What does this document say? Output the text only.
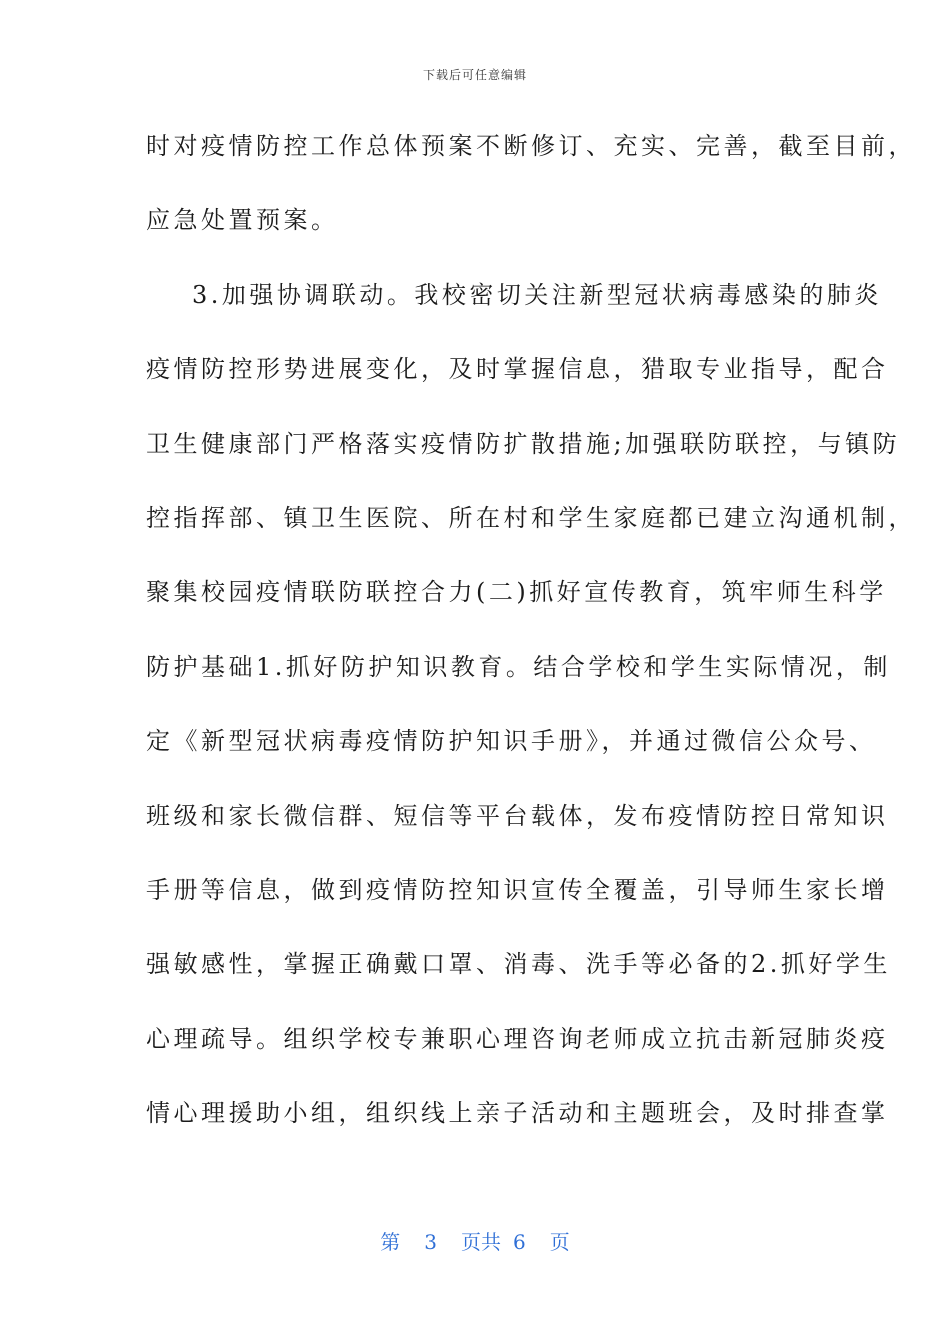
下载后可任意编辑
时对疫情防控工作总体预案不断修订、充实、完善，截至目前，
应急处置预案。
3.加强协调联动。我校密切关注新型冠状病毒感染的肺炎
疫情防控形势进展变化，及时掌握信息，猎取专业指导，配合
卫生健康部门严格落实疫情防扩散措施;加强联防联控，与镇防
控指挥部、镇卫生医院、所在村和学生家庭都已建立沟通机制，
聚集校园疫情联防联控合力(二)抓好宣传教育，筑牢师生科学
防护基础1.抓好防护知识教育。结合学校和学生实际情况，制
定《新型冠状病毒疫情防护知识手册》，并通过微信公众号、
班级和家长微信群、短信等平台载体，发布疫情防控日常知识
手册等信息，做到疫情防控知识宣传全覆盖，引导师生家长增
强敏感性，掌握正确戴口罩、消毒、洗手等必备的2.抓好学生
心理疏导。组织学校专兼职心理咨询老师成立抗击新冠肺炎疫
情心理援助小组，组织线上亲子活动和主题班会，及时排查掌
第 3 页共 6 页
